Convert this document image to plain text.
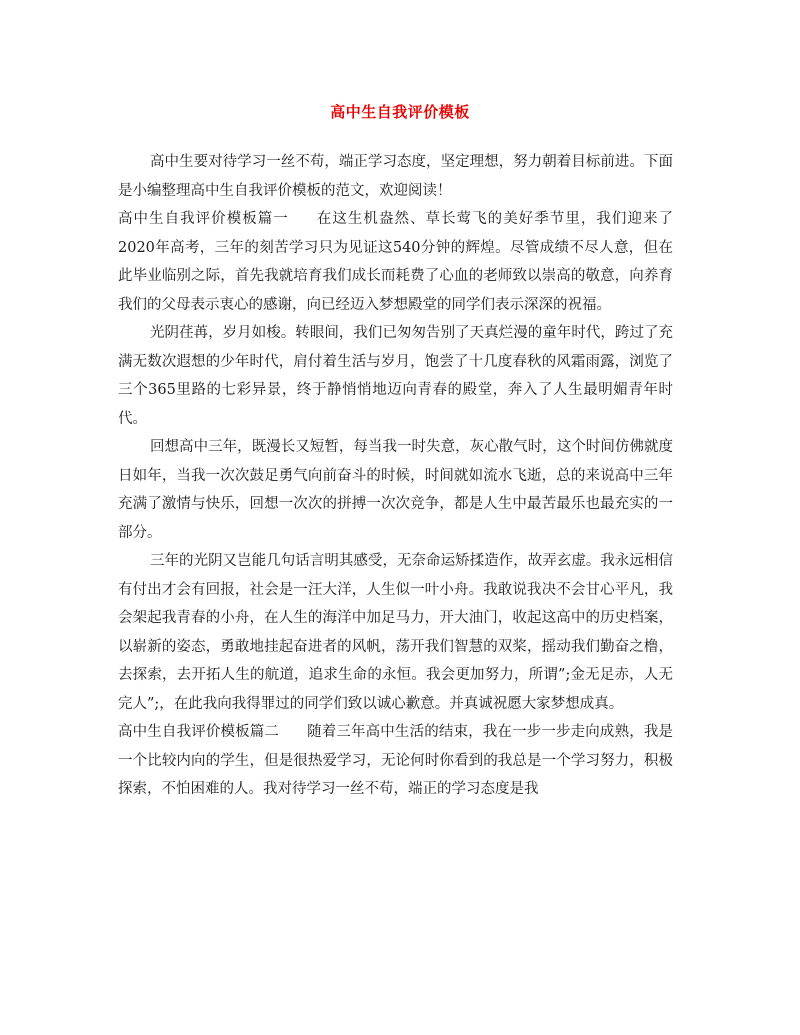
高中生自我评价模板

高中生要对待学习一丝不苟，端正学习态度，坚定理想，努力朝着目标前进。下面是小编整理高中生自我评价模板的范文，欢迎阅读！

高中生自我评价模板篇一 在这生机盎然、草长莺飞的美好季节里，我们迎来了2020年高考，三年的刻苦学习只为见证这540分钟的辉煌。尽管成绩不尽人意，但在此毕业临别之际，首先我就培育我们成长而耗费了心血的老师致以崇高的敬意，向养育我们的父母表示衷心的感谢，向已经迈入梦想殿堂的同学们表示深深的祝福。

光阴荏苒，岁月如梭。转眼间，我们已匆匆告别了天真烂漫的童年时代，跨过了充满无数次遐想的少年时代，肩付着生活与岁月，饱尝了十几度春秋的风霜雨露，浏览了三个365里路的七彩异景，终于静悄悄地迈向青春的殿堂，奔入了人生最明媚青年时代。

回想高中三年，既漫长又短暂，每当我一时失意，灰心散气时，这个时间仿佛就度日如年，当我一次次鼓足勇气向前奋斗的时候，时间就如流水飞逝，总的来说高中三年充满了激情与快乐，回想一次次的拼搏一次次竞争，都是人生中最苦最乐也最充实的一部分。

三年的光阴又岂能几句话言明其感受，无奈命运矫揉造作，故弄玄虚。我永远相信有付出才会有回报，社会是一汪大洋，人生似一叶小舟。我敢说我决不会甘心平凡，我会架起我青春的小舟，在人生的海洋中加足马力，开大油门，收起这高中的历史档案，以崭新的姿态，勇敢地挂起奋进者的风帆，荡开我们智慧的双桨，摇动我们勤奋之橹，去探索，去开拓人生的航道，追求生命的永恒。我会更加努力，所谓”;金无足赤，人无完人”;，在此我向我得罪过的同学们致以诚心歉意。并真诚祝愿大家梦想成真。

高中生自我评价模板篇二 随着三年高中生活的结束，我在一步一步走向成熟，我是一个比较内向的学生，但是很热爱学习，无论何时你看到的我总是一个学习努力，积极探索，不怕困难的人。我对待学习一丝不苟，端正的学习态度是我
